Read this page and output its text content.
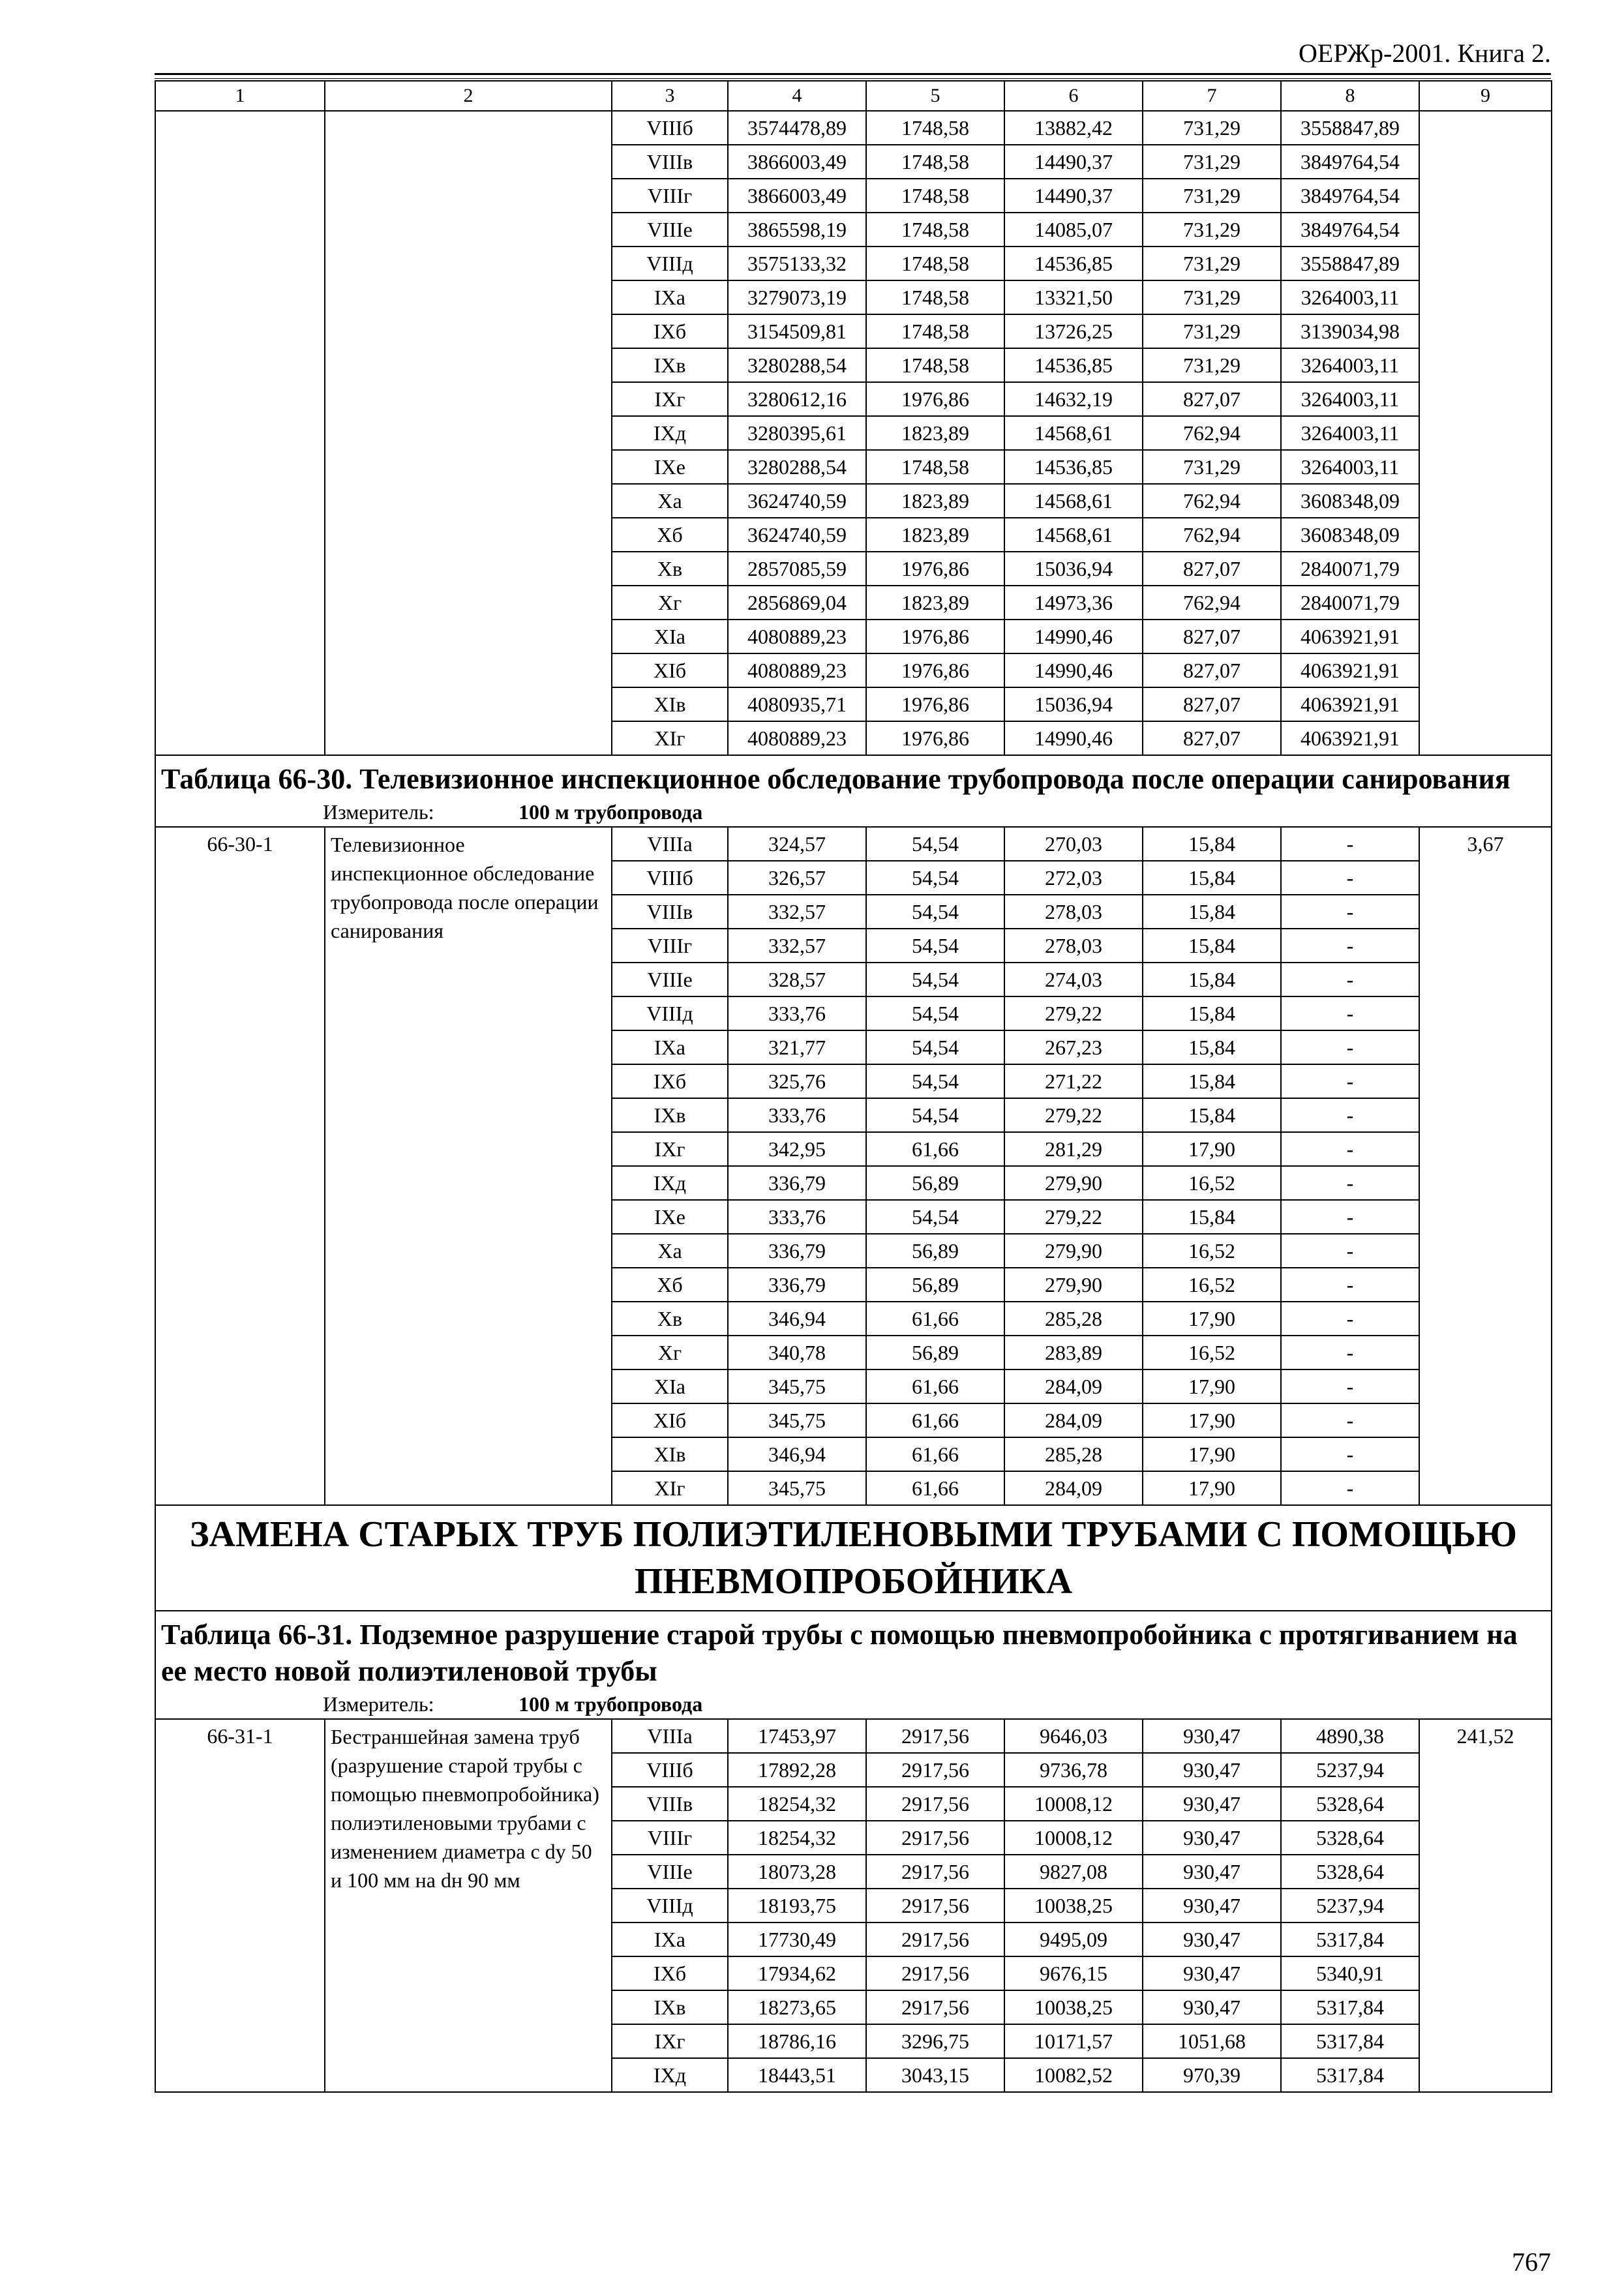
ОЕРЖр-2001. Книга 2.
1	2	3	4	5	6	7	8	9
		VIIIб	3574478,89	1748,58	13882,42	731,29	3558847,89	
		VIIIв	3866003,49	1748,58	14490,37	731,29	3849764,54	
		VIIIг	3866003,49	1748,58	14490,37	731,29	3849764,54	
		VIIIе	3865598,19	1748,58	14085,07	731,29	3849764,54	
		VIIIд	3575133,32	1748,58	14536,85	731,29	3558847,89	
		IXа	3279073,19	1748,58	13321,50	731,29	3264003,11	
		IXб	3154509,81	1748,58	13726,25	731,29	3139034,98	
		IXв	3280288,54	1748,58	14536,85	731,29	3264003,11	
		IXг	3280612,16	1976,86	14632,19	827,07	3264003,11	
		IXд	3280395,61	1823,89	14568,61	762,94	3264003,11	
		IXе	3280288,54	1748,58	14536,85	731,29	3264003,11	
		Xа	3624740,59	1823,89	14568,61	762,94	3608348,09	
		Xб	3624740,59	1823,89	14568,61	762,94	3608348,09	
		Xв	2857085,59	1976,86	15036,94	827,07	2840071,79	
		Xг	2856869,04	1823,89	14973,36	762,94	2840071,79	
		XIа	4080889,23	1976,86	14990,46	827,07	4063921,91	
		XIб	4080889,23	1976,86	14990,46	827,07	4063921,91	
		XIв	4080935,71	1976,86	15036,94	827,07	4063921,91	
		XIг	4080889,23	1976,86	14990,46	827,07	4063921,91	
Таблица 66-30. Телевизионное инспекционное обследование трубопровода после операции санирования								
Измеритель: 100 м трубопровода								
66-30-1	Телевизионное инспекционное обследование трубопровода после операции санирования	VIIIа	324,57	54,54	270,03	15,84	-	3,67
		VIIIб	326,57	54,54	272,03	15,84	-	
		VIIIв	332,57	54,54	278,03	15,84	-	
		VIIIг	332,57	54,54	278,03	15,84	-	
		VIIIе	328,57	54,54	274,03	15,84	-	
		VIIIд	333,76	54,54	279,22	15,84	-	
		IXа	321,77	54,54	267,23	15,84	-	
		IXб	325,76	54,54	271,22	15,84	-	
		IXв	333,76	54,54	279,22	15,84	-	
		IXг	342,95	61,66	281,29	17,90	-	
		IXд	336,79	56,89	279,90	16,52	-	
		IXе	333,76	54,54	279,22	15,84	-	
		Xа	336,79	56,89	279,90	16,52	-	
		Xб	336,79	56,89	279,90	16,52	-	
		Xв	346,94	61,66	285,28	17,90	-	
		Xг	340,78	56,89	283,89	16,52	-	
		XIа	345,75	61,66	284,09	17,90	-	
		XIб	345,75	61,66	284,09	17,90	-	
		XIв	346,94	61,66	285,28	17,90	-	
		XIг	345,75	61,66	284,09	17,90	-	
ЗАМЕНА СТАРЫХ ТРУБ ПОЛИЭТИЛЕНОВЫМИ ТРУБАМИ С ПОМОЩЬЮ ПНЕВМОПРОБОЙНИКА								
Таблица 66-31. Подземное разрушение старой трубы с помощью пневмопробойника с протягиванием на ее место новой полиэтиленовой трубы								
Измеритель: 100 м трубопровода								
66-31-1	Бестраншейная замена труб (разрушение старой трубы с помощью пневмопробойника) полиэтиленовыми трубами с изменением диаметра с dy 50 и 100 мм на dн 90 мм	VIIIа	17453,97	2917,56	9646,03	930,47	4890,38	241,52
		VIIIб	17892,28	2917,56	9736,78	930,47	5237,94	
		VIIIв	18254,32	2917,56	10008,12	930,47	5328,64	
		VIIIг	18254,32	2917,56	10008,12	930,47	5328,64	
		VIIIе	18073,28	2917,56	9827,08	930,47	5328,64	
		VIIIд	18193,75	2917,56	10038,25	930,47	5237,94	
		IXа	17730,49	2917,56	9495,09	930,47	5317,84	
		IXб	17934,62	2917,56	9676,15	930,47	5340,91	
		IXв	18273,65	2917,56	10038,25	930,47	5317,84	
		IXг	18786,16	3296,75	10171,57	1051,68	5317,84	
		IXд	18443,51	3043,15	10082,52	970,39	5317,84	
767
